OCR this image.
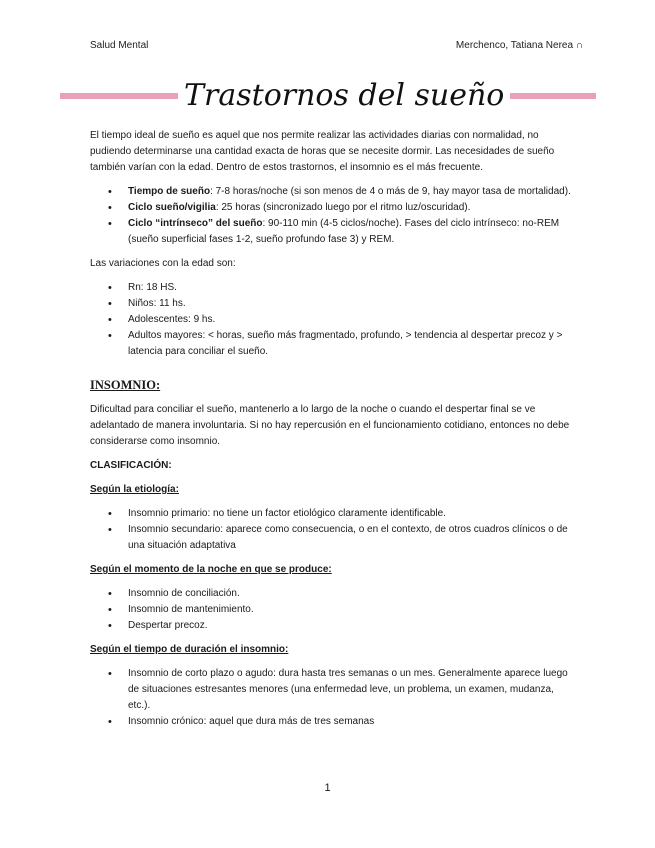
Salud Mental	Merchenco, Tatiana Nerea ∩
Trastornos del sueño

El tiempo ideal de sueño es aquel que nos permite realizar las actividades diarias con normalidad, no pudiendo determinarse una cantidad exacta de horas que se necesite dormir. Las necesidades de sueño también varían con la edad. Dentro de estos trastornos, el insomnio es el más frecuente.

• Tiempo de sueño: 7-8 horas/noche (si son menos de 4 o más de 9, hay mayor tasa de mortalidad).
• Ciclo sueño/vigilia: 25 horas (sincronizado luego por el ritmo luz/oscuridad).
• Ciclo “intrínseco” del sueño: 90-110 min (4-5 ciclos/noche). Fases del ciclo intrínseco: no-REM (sueño superficial fases 1-2, sueño profundo fase 3) y REM.

Las variaciones con la edad son:

• Rn: 18 HS.
• Niños: 11 hs.
• Adolescentes: 9 hs.
• Adultos mayores: < horas, sueño más fragmentado, profundo, > tendencia al despertar precoz y > latencia para conciliar el sueño.
INSOMNIO:

Dificultad para conciliar el sueño, mantenerlo a lo largo de la noche o cuando el despertar final se ve adelantado de manera involuntaria. Si no hay repercusión en el funcionamiento cotidiano, entonces no debe considerarse como insomnio.

CLASIFICACIÓN:

Según la etiología:

• Insomnio primario: no tiene un factor etiológico claramente identificable.
• Insomnio secundario: aparece como consecuencia, o en el contexto, de otros cuadros clínicos o de una situación adaptativa

Según el momento de la noche en que se produce:

• Insomnio de conciliación.
• Insomnio de mantenimiento.
• Despertar precoz.

Según el tiempo de duración el insomnio:

• Insomnio de corto plazo o agudo: dura hasta tres semanas o un mes. Generalmente aparece luego de situaciones estresantes menores (una enfermedad leve, un problema, un examen, mudanza, etc.).
• Insomnio crónico: aquel que dura más de tres semanas
1
